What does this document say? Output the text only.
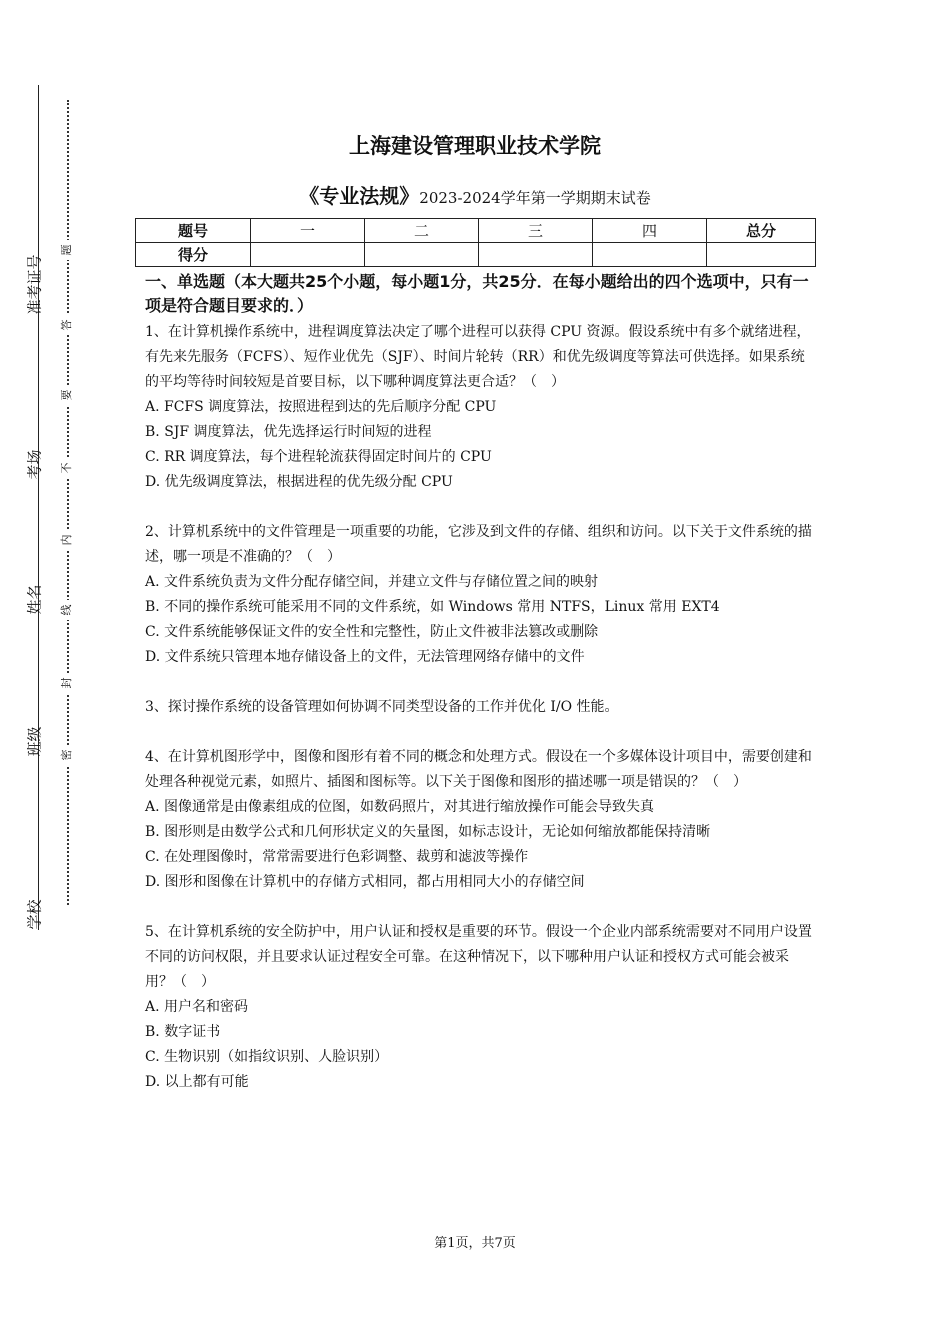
准考证号
考场
姓名
班级
学校
题
答
要
不
内
线
封
密
上海建设管理职业技术学院
《专业法规》2023-2024学年第一学期期末试卷
题号	一	二	三	四	总分
得分					

一、单选题（本大题共25个小题，每小题1分，共25分．在每小题给出的四个选项中，只有一项是符合题目要求的．）

1、在计算机操作系统中，进程调度算法决定了哪个进程可以获得 CPU 资源。假设系统中有多个就绪进程，有先来先服务（FCFS）、短作业优先（SJF）、时间片轮转（RR）和优先级调度等算法可供选择。如果系统的平均等待时间较短是首要目标，以下哪种调度算法更合适？（　）

A. FCFS 调度算法，按照进程到达的先后顺序分配 CPU

B. SJF 调度算法，优先选择运行时间短的进程

C. RR 调度算法，每个进程轮流获得固定时间片的 CPU

D. 优先级调度算法，根据进程的优先级分配 CPU

2、计算机系统中的文件管理是一项重要的功能，它涉及到文件的存储、组织和访问。以下关于文件系统的描述，哪一项是不准确的？（　）

A. 文件系统负责为文件分配存储空间，并建立文件与存储位置之间的映射

B. 不同的操作系统可能采用不同的文件系统，如 Windows 常用 NTFS，Linux 常用 EXT4

C. 文件系统能够保证文件的安全性和完整性，防止文件被非法篡改或删除

D. 文件系统只管理本地存储设备上的文件，无法管理网络存储中的文件

3、探讨操作系统的设备管理如何协调不同类型设备的工作并优化 I/O 性能。

4、在计算机图形学中，图像和图形有着不同的概念和处理方式。假设在一个多媒体设计项目中，需要创建和处理各种视觉元素，如照片、插图和图标等。以下关于图像和图形的描述哪一项是错误的？（　）

A. 图像通常是由像素组成的位图，如数码照片，对其进行缩放操作可能会导致失真

B. 图形则是由数学公式和几何形状定义的矢量图，如标志设计，无论如何缩放都能保持清晰

C. 在处理图像时，常常需要进行色彩调整、裁剪和滤波等操作

D. 图形和图像在计算机中的存储方式相同，都占用相同大小的存储空间

5、在计算机系统的安全防护中，用户认证和授权是重要的环节。假设一个企业内部系统需要对不同用户设置不同的访问权限，并且要求认证过程安全可靠。在这种情况下，以下哪种用户认证和授权方式可能会被采用？（　）

A. 用户名和密码

B. 数字证书

C. 生物识别（如指纹识别、人脸识别）

D. 以上都有可能

第1页，共7页
